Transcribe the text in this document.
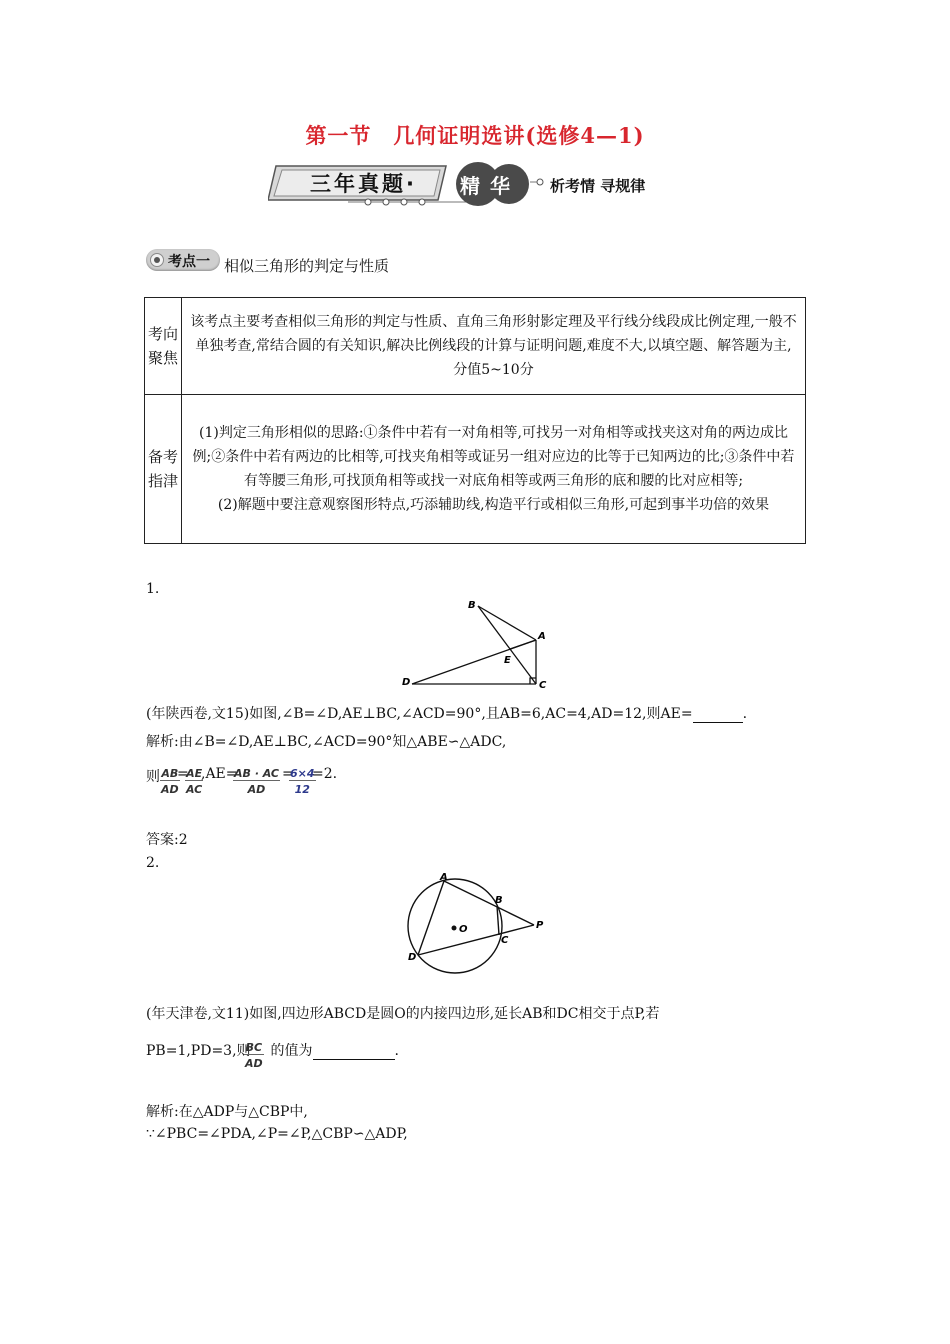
第一节　几何证明选讲(选修4—1)
三年真题· 精华 析考情 寻规律
考点一 相似三角形的判定与性质
考向聚焦	该考点主要考查相似三角形的判定与性质、直角三角形射影定理及平行线分线段成比例定理,一般不单独考查,常结合圆的有关知识,解决比例线段的计算与证明问题,难度不大,以填空题、解答题为主,分值5~10分
备考指津	(1)判定三角形相似的思路:①条件中若有一对角相等,可找另一对角相等或找夹这对角的两边成比例;②条件中若有两边的比相等,可找夹角相等或证另一组对应边的比等于已知两边的比;③条件中若有等腰三角形,可找顶角相等或找一对底角相等或两三角形的底和腰的比对应相等;
(2)解题中要注意观察图形特点,巧添辅助线,构造平行或相似三角形,可起到事半功倍的效果
1.
B
A
E
D	C
(年陕西卷,文15)如图,∠B=∠D,AE⊥BC,∠ACD=90°,且AB=6,AC=4,AD=12,则AE=	.
解析:由∠B=∠D,AE⊥BC,∠ACD=90°知△ABE∽△ADC,
则 $\frac{AB}{AD}$
=
$\frac{AE}{AC}$
,AE=
$\frac{AB \cdot AC}{AD}$ =
$\frac{6\times 4}{12}$
=2.
答案:2
2.
A
B
O
C
P
D
(年天津卷,文11)如图,四边形ABCD是圆O的内接四边形,延长AB和DC相交于点P,若
PB=1,PD=3,则 的值为	.
$\frac{BC}{AD}$
解析:在△ADP与△CBP中,
∵∠PBC=∠PDA,∠P=∠P,△CBP∽△ADP,
